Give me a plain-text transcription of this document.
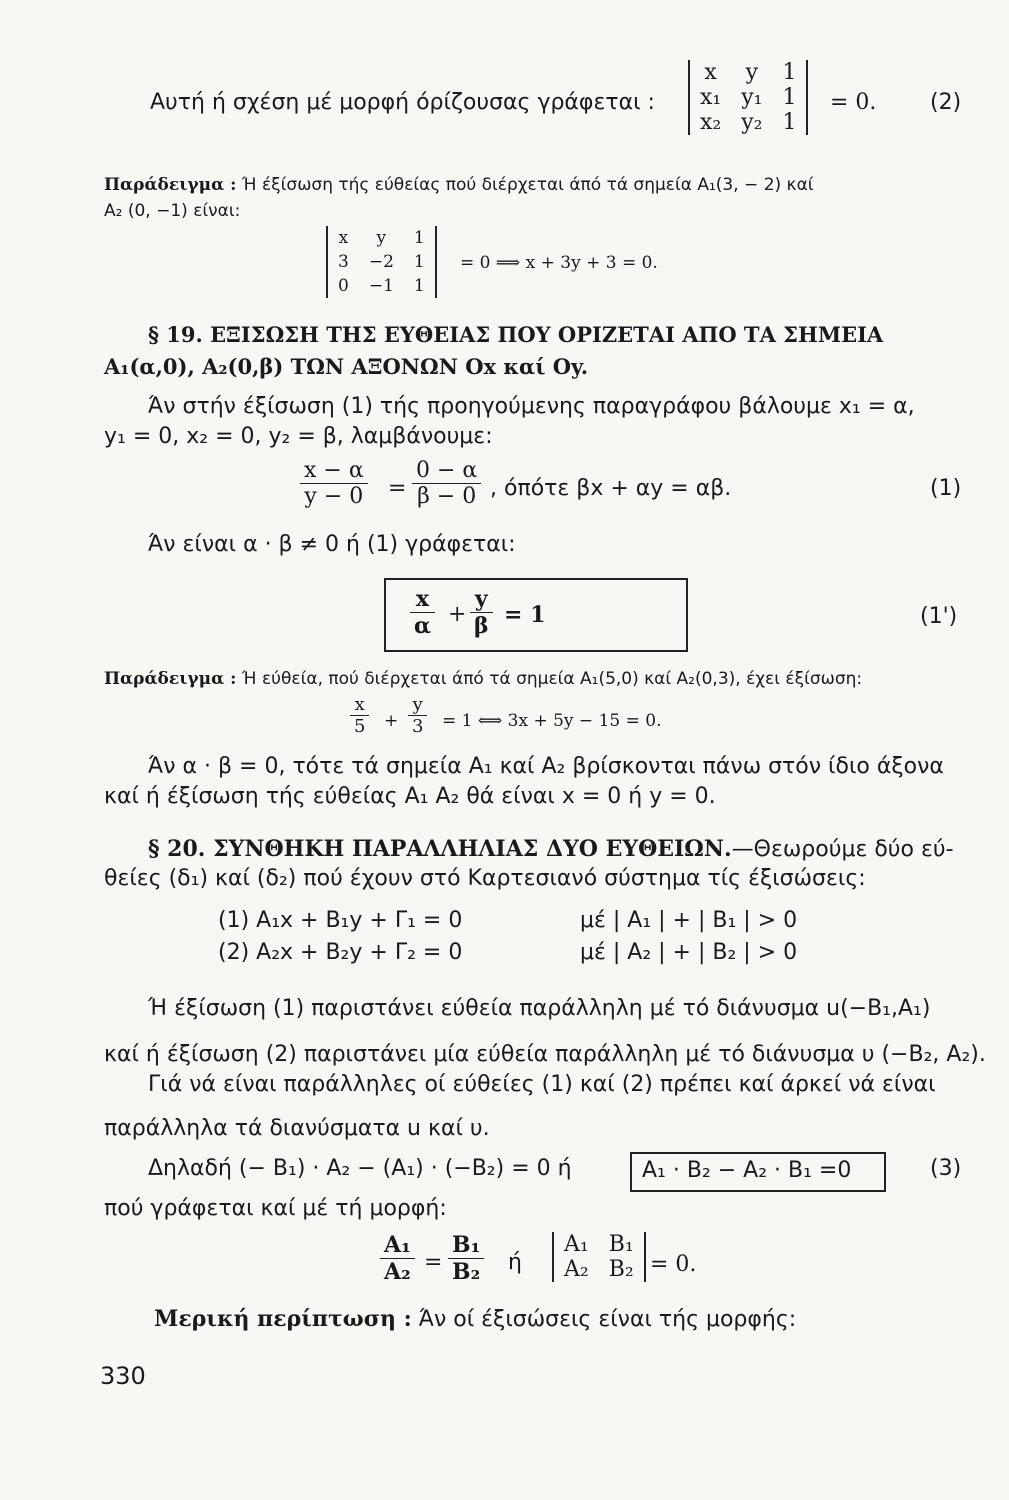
Αυτή ή σχέση μέ μορφή όρίζουσας γράφεται :
x	y	1
x₁	y₁	1
x₂	y₂	1
= 0. (2)
Παράδειγμα : Ή έξίσωση τής εύθείας πού διέρχεται άπό τά σημεία A₁(3, − 2) καί
A₂ (0, −1) είναι:
x	y	1
3	−2	1
0	−1	1
= 0 ⟹ x + 3y + 3 = 0.
§ 19. ΕΞΙΣΩΣΗ ΤΗΣ ΕΥΘΕΙΑΣ ΠΟΥ ΟΡΙΖΕΤΑΙ ΑΠΟ ΤΑ ΣΗΜΕΙΑ
A₁(α,0), A₂(0,β) ΤΩΝ ΑΞΟΝΩΝ Οx καί Οy.
Άν στήν έξίσωση (1) τής προηγούμενης παραγράφου βάλουμε x₁ = α,
y₁ = 0, x₂ = 0, y₂ = β, λαμβάνουμε:
$\frac{x - \alpha}{y - 0} = \frac{0 - \alpha}{\beta - 0}$ , όπότε βx + αy = αβ.	(1)
Άν είναι α · β ≠ 0 ή (1) γράφεται:
$\frac{x}{\alpha} + \frac{y}{\beta} = 1$	(1')
Παράδειγμα : Ή εύθεία, πού διέρχεται άπό τά σημεία A₁(5,0) καί A₂(0,3), έχει έξίσωση:
$\frac{x}{5} + \frac{y}{3} = 1$ ⟺ 3x + 5y − 15 = 0.
Άν α · β = 0, τότε τά σημεία A₁ καί A₂ βρίσκονται πάνω στόν ίδιο άξονα
καί ή έξίσωση τής εύθείας A₁ A₂ θά είναι x = 0 ή y = 0.
§ 20. ΣΥΝΘΗΚΗ ΠΑΡΑΛΛΗΛΙΑΣ ΔΥΟ ΕΥΘΕΙΩΝ.—Θεωρούμε δύο εύ-
θείες (δ₁) καί (δ₂) πού έχουν στό Καρτεσιανό σύστημα τίς έξισώσεις:
(1) A₁x + B₁y + Γ₁ = 0	μέ | A₁ | + | B₁ | > 0
(2) A₂x + B₂y + Γ₂ = 0	μέ | A₂ | + | B₂ | > 0
Ή έξίσωση (1) παριστάνει εύθεία παράλληλη μέ τό διάνυσμα u(−B₁,A₁)
καί ή έξίσωση (2) παριστάνει μία εύθεία παράλληλη μέ τό διάνυσμα υ (−B₂, A₂).
Γιά νά είναι παράλληλες οί εύθείες (1) καί (2) πρέπει καί άρκεί νά είναι
παράλληλα τά διανύσματα u καί υ.
Δηλαδή (− B₁) · A₂ − (A₁) · (−B₂) = 0 ή	A₁ · B₂ − A₂ · B₁ =0	(3)
πού γράφεται καί μέ τή μορφή:
$\frac{\text{A₁}}{\text{A₂}} = \frac{\text{B₁}}{\text{B₂}}$ ή
A₁	B₁
A₂	B₂ = 0.
Μερική περίπτωση : Άν οί έξισώσεις είναι τής μορφής:
330
